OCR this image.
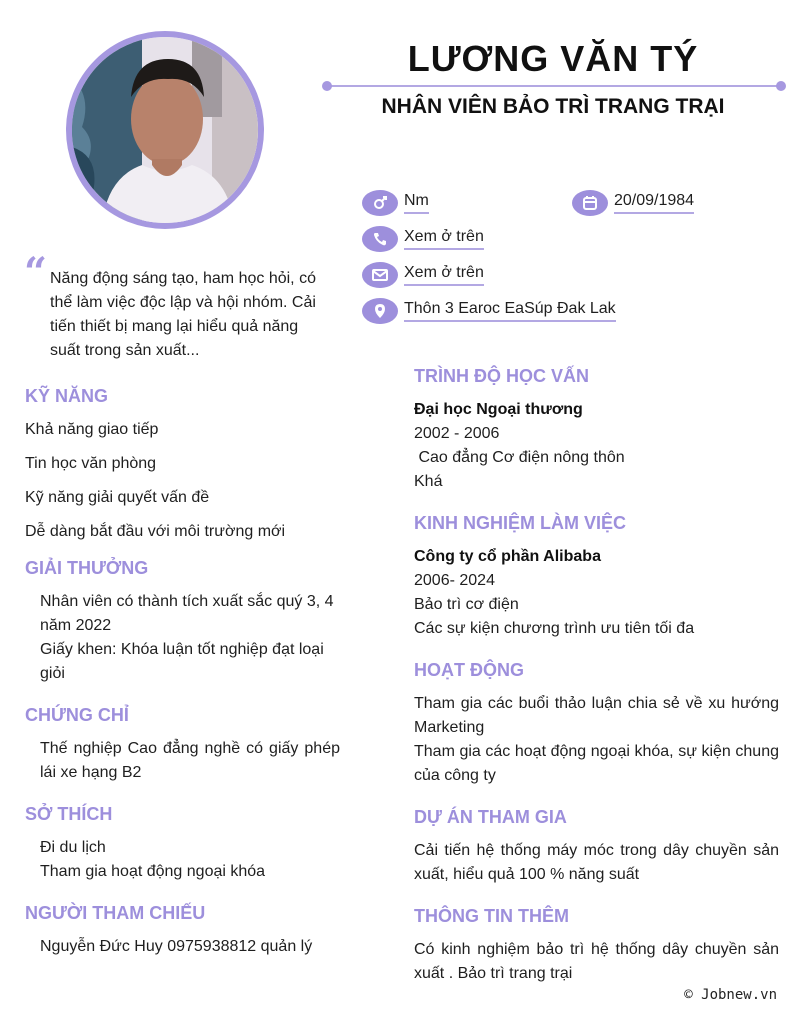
LƯƠNG VĂN TÝ
NHÂN VIÊN BẢO TRÌ TRANG TRẠI
Nm	20/09/1984
Xem ở trên
Xem ở trên
Thôn 3 Earoc EaSúp Đak Lak
“ Năng động sáng tạo, ham học hỏi, có thể làm việc độc lập và hội nhóm. Cải tiến thiết bị mang lại hiểu quả năng suất trong sản xuất...
KỸ NĂNG
Khả năng giao tiếp
Tin học văn phòng
Kỹ năng giải quyết vấn đề
Dễ dàng bắt đầu với môi trường mới
GIẢI THƯỞNG
Nhân viên có thành tích xuất sắc quý 3, 4 năm 2022
Giấy khen: Khóa luận tốt nghiệp đạt loại giỏi
CHỨNG CHỈ
Thế nghiệp Cao đẳng nghề có giấy phép lái xe hạng B2
SỞ THÍCH
Đi du lịch
Tham gia hoạt động ngoại khóa
NGƯỜI THAM CHIẾU
Nguyễn Đức Huy 0975938812 quản lý
TRÌNH ĐỘ HỌC VẤN
Đại học Ngoại thương
2002 - 2006
Cao đẳng Cơ điện nông thôn
Khá
KINH NGHIỆM LÀM VIỆC
Công ty cổ phần Alibaba
2006- 2024
Bảo trì cơ điện
Các sự kiện chương trình ưu tiên tối đa
HOẠT ĐỘNG
Tham gia các buổi thảo luận chia sẻ về xu hướng Marketing
Tham gia các hoạt động ngoại khóa, sự kiện chung của công ty
DỰ ÁN THAM GIA
Cải tiến hệ thống máy móc trong dây chuyền sản xuất, hiểu quả 100 % năng suất
THÔNG TIN THÊM
Có kinh nghiệm bảo trì hệ thống dây chuyền sản xuất . Bảo trì trang trại
© Jobnew.vn
